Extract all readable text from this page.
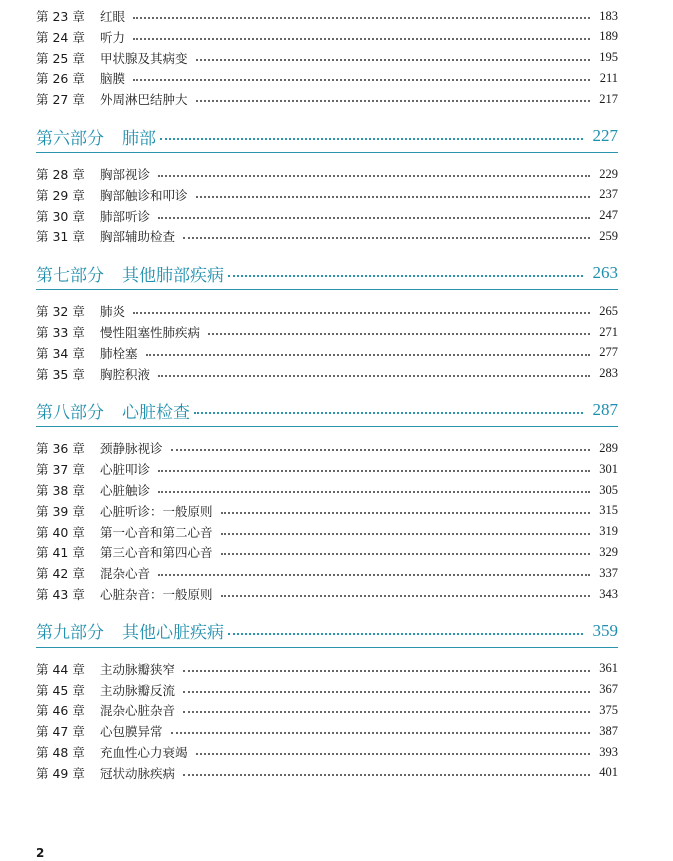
第 23 章	红眼	183
第 24 章	听力	189
第 25 章	甲状腺及其病变	195
第 26 章	脑膜	211
第 27 章	外周淋巴结肿大	217
第六部分 肺部	227
第 28 章	胸部视诊	229
第 29 章	胸部触诊和叩诊	237
第 30 章	肺部听诊	247
第 31 章	胸部辅助检查	259
第七部分 其他肺部疾病	263
第 32 章	肺炎	265
第 33 章	慢性阻塞性肺疾病	271
第 34 章	肺栓塞	277
第 35 章	胸腔积液	283
第八部分 心脏检查	287
第 36 章	颈静脉视诊	289
第 37 章	心脏叩诊	301
第 38 章	心脏触诊	305
第 39 章	心脏听诊：一般原则	315
第 40 章	第一心音和第二心音	319
第 41 章	第三心音和第四心音	329
第 42 章	混杂心音	337
第 43 章	心脏杂音：一般原则	343
第九部分 其他心脏疾病	359
第 44 章	主动脉瓣狭窄	361
第 45 章	主动脉瓣反流	367
第 46 章	混杂心脏杂音	375
第 47 章	心包膜异常	387
第 48 章	充血性心力衰竭	393
第 49 章	冠状动脉疾病	401
2
